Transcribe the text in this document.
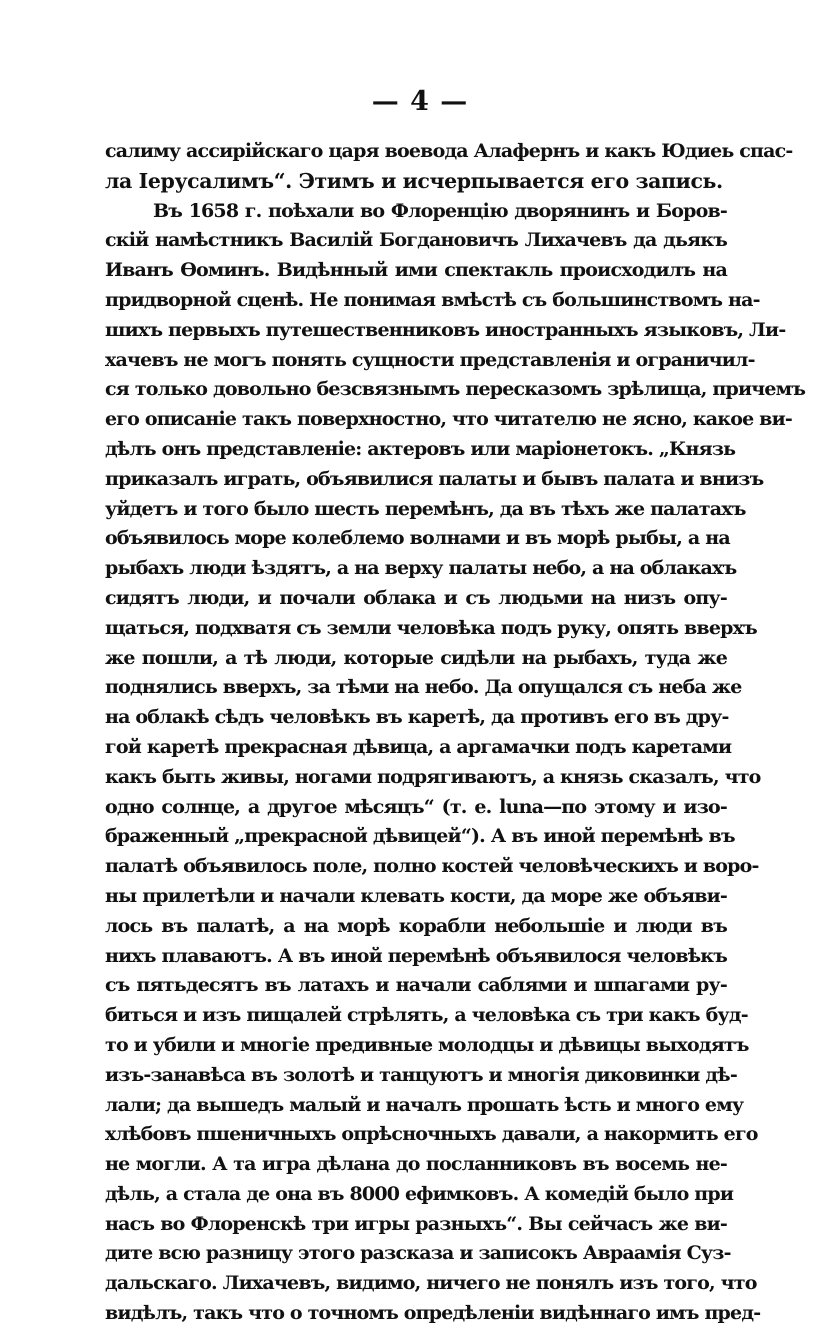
— 4 —
салиму ассирійскаго царя воевода Алафернъ и какъ Юдиеь спас-
ла Іерусалимъ“. Этимъ и исчерпывается его запись.
Въ 1658 г. поѣхали во Флоренцію дворянинъ и Боров-
скій намѣстникъ Василій Богдановичъ Лихачевъ да дьякъ
Иванъ Ѳоминъ. Видѣнный ими спектакль происходилъ на
придворной сценѣ. Не понимая вмѣстѣ съ большинствомъ на-
шихъ первыхъ путешественниковъ иностранныхъ языковъ, Ли-
хачевъ не могъ понять сущности представленія и ограничил-
ся только довольно безсвязнымъ пересказомъ зрѣлища, причемъ
его описаніе такъ поверхностно, что читателю не ясно, какое ви-
дѣлъ онъ представленіе: актеровъ или маріонетокъ. „Князь
приказалъ играть, объявилися палаты и бывъ палата и внизъ
уйдетъ и того было шесть перемѣнъ, да въ тѣхъ же палатахъ
объявилось море колеблемо волнами и въ морѣ рыбы, а на
рыбахъ люди ѣздятъ, а на верху палаты небо, а на облакахъ
сидятъ люди, и почали облака и съ людьми на низъ опу-
щаться, подхватя съ земли человѣка подъ руку, опять вверхъ
же пошли, а тѣ люди, которые сидѣли на рыбахъ, туда же
поднялись вверхъ, за тѣми на небо. Да опущался съ неба же
на облакѣ сѣдъ человѣкъ въ каретѣ, да противъ его въ дру-
гой каретѣ прекрасная дѣвица, а аргамачки подъ каретами
какъ быть живы, ногами подрягиваютъ, а князь сказалъ, что
одно солнце, а другое мѣсяцъ“ (т. е. luna—по этому и изо-
браженный „прекрасной дѣвицей“). А въ иной перемѣнѣ въ
палатѣ объявилось поле, полно костей человѣческихъ и воро-
ны прилетѣли и начали клевать кости, да море же объяви-
лось въ палатѣ, а на морѣ корабли небольшіе и люди въ
нихъ плаваютъ. А въ иной перемѣнѣ объявилося человѣкъ
съ пятьдесятъ въ латахъ и начали саблями и шпагами ру-
биться и изъ пищалей стрѣлять, а человѣка съ три какъ буд-
то и убили и многіе предивные молодцы и дѣвицы выходятъ
изъ-занавѣса въ золотѣ и танцуютъ и многія диковинки дѣ-
лали; да вышедъ малый и началъ прошать ѣсть и много ему
хлѣбовъ пшеничныхъ опрѣсночныхъ давали, а накормить его
не могли. А та игра дѣлана до посланниковъ въ восемь не-
дѣль, а стала де она въ 8000 ефимковъ. А комедій было при
насъ во Флоренскѣ три игры разныхъ“. Вы сейчасъ же ви-
дите всю разницу этого разсказа и записокъ Авраамія Суз-
дальскаго. Лихачевъ, видимо, ничего не понялъ изъ того, что
видѣлъ, такъ что о точномъ опредѣленіи видѣннаго имъ пред-
